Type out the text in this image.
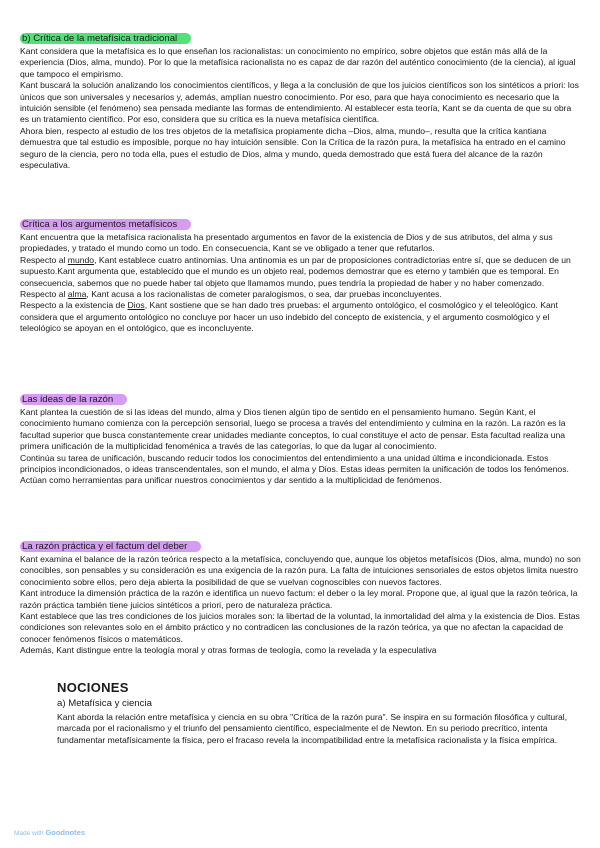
b) Crítica de la metafísica tradicional

Kant considera que la metafísica es lo que enseñan los racionalistas: un conocimiento no empírico, sobre objetos que están más allá de la experiencia (Dios, alma, mundo). Por lo que la metafísica racionalista no es capaz de dar razón del auténtico conocimiento (de la ciencia), al igual que tampoco el empirismo.

Kant buscará la solución analizando los conocimientos científicos, y llega a la conclusión de que los juicios científicos son los sintéticos a priori: los únicos que son universales y necesarios y, además, amplían nuestro conocimiento. Por eso, para que haya conocimiento es necesario que la intuición sensible (el fenómeno) sea pensada mediante las formas de entendimiento. Al establecer esta teoría, Kant se da cuenta de que su obra es un tratamiento científico. Por eso, considera que su crítica es la nueva metafísica científica.

Ahora bien, respecto al estudio de los tres objetos de la metafísica propiamente dicha –Dios, alma, mundo–, resulta que la crítica kantiana demuestra que tal estudio es imposible, porque no hay intuición sensible. Con la Crítica de la razón pura, la metafísica ha entrado en el camino seguro de la ciencia, pero no toda ella, pues el estudio de Dios, alma y mundo, queda demostrado que está fuera del alcance de la razón especulativa.

Crítica a los argumentos metafísicos

Kant encuentra que la metafísica racionalista ha presentado argumentos en favor de la existencia de Dios y de sus atributos, del alma y sus propiedades, y tratado el mundo como un todo. En consecuencia, Kant se ve obligado a tener que refutarlos.

Respecto al mundo, Kant establece cuatro antinomias. Una antinomia es un par de proposiciones contradictorias entre sí, que se deducen de un supuesto.Kant argumenta que, establecido que el mundo es un objeto real, podemos demostrar que es eterno y también que es temporal. En consecuencia, sabemos que no puede haber tal objeto que llamamos mundo, pues tendría la propiedad de haber y no haber comenzado.

Respecto al alma, Kant acusa a los racionalistas de cometer paralogismos, o sea, dar pruebas inconcluyentes.

Respecto a la existencia de Dios, Kant sostiene que se han dado tres pruebas: el argumento ontológico, el cosmológico y el teleológico. Kant considera que el argumento ontológico no concluye por hacer un uso indebido del concepto de existencia, y el argumento cosmológico y el teleológico se apoyan en el ontológico, que es inconcluyente.

Las ideas de la razón

Kant plantea la cuestión de si las ideas del mundo, alma y Dios tienen algún tipo de sentido en el pensamiento humano. Según Kant, el conocimiento humano comienza con la percepción sensorial, luego se procesa a través del entendimiento y culmina en la razón. La razón es la facultad superior que busca constantemente crear unidades mediante conceptos, lo cual constituye el acto de pensar. Esta facultad realiza una primera unificación de la multiplicidad fenoménica a través de las categorías, lo que da lugar al conocimiento.

Continúa su tarea de unificación, buscando reducir todos los conocimientos del entendimiento a una unidad última e incondicionada. Estos principios incondicionados, o ideas transcendentales, son el mundo, el alma y Dios. Estas ideas permiten la unificación de todos los fenómenos. Actúan como herramientas para unificar nuestros conocimientos y dar sentido a la multiplicidad de fenómenos.

La razón práctica y el factum del deber

Kant examina el balance de la razón teórica respecto a la metafísica, concluyendo que, aunque los objetos metafísicos (Dios, alma, mundo) no son conocibles, son pensables y su consideración es una exigencia de la razón pura. La falta de intuiciones sensoriales de estos objetos limita nuestro conocimiento sobre ellos, pero deja abierta la posibilidad de que se vuelvan cognoscibles con nuevos factores.

Kant introduce la dimensión práctica de la razón e identifica un nuevo factum: el deber o la ley moral. Propone que, al igual que la razón teórica, la razón práctica también tiene juicios sintéticos a priori, pero de naturaleza práctica.

Kant establece que las tres condiciones de los juicios morales son: la libertad de la voluntad, la inmortalidad del alma y la existencia de Dios. Estas condiciones son relevantes solo en el ámbito práctico y no contradicen las conclusiones de la razón teórica, ya que no afectan la capacidad de conocer fenómenos físicos o matemáticos.

Además, Kant distingue entre la teología moral y otras formas de teología, como la revelada y la especulativa

NOCIONES
a) Metafísica y ciencia

Kant aborda la relación entre metafísica y ciencia en su obra "Crítica de la razón pura". Se inspira en su formación filosófica y cultural, marcada por el racionalismo y el triunfo del pensamiento científico, especialmente el de Newton. En su periodo precrítico, intenta fundamentar metafísicamente la física, pero el fracaso revela la incompatibilidad entre la metafísica racionalista y la física empírica.

Made with Goodnotes
